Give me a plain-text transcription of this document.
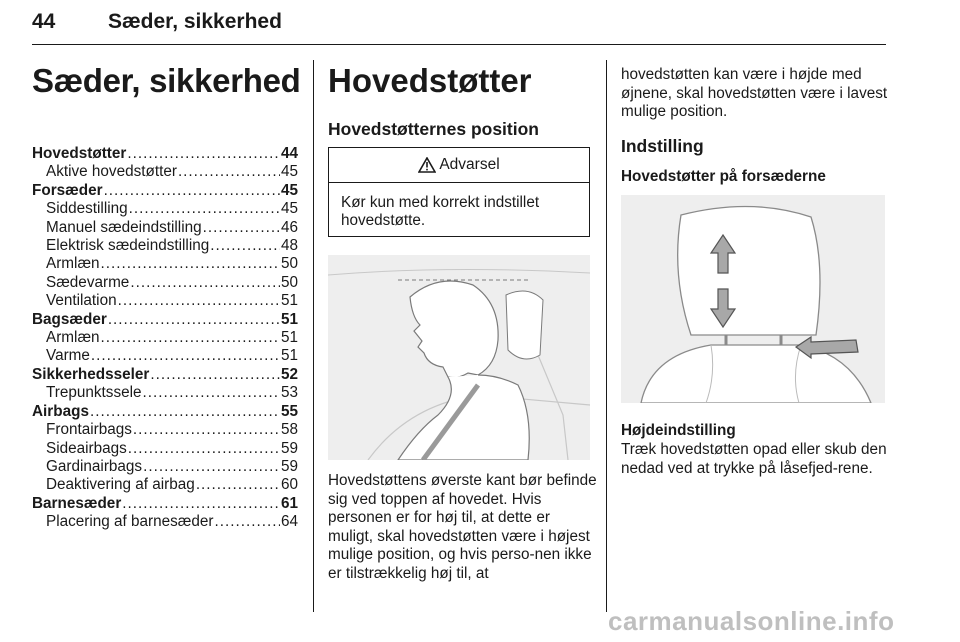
44	Sæder, sikkerhed
Sæder, sikkerhed
Hovedstøtter .....	44
Aktive hovedstøtter .....	45
Forsæder .....	45
Siddestilling .....	45
Manuel sædeindstilling .....	46
Elektrisk sædeindstilling .....	48
Armlæn .....	50
Sædevarme .....	50
Ventilation .....	51
Bagsæder .....	51
Armlæn .....	51
Varme .....	51
Sikkerhedsseler .....	52
Trepunktssele .....	53
Airbags .....	55
Frontairbags .....	58
Sideairbags .....	59
Gardinairbags .....	59
Deaktivering af airbag .....	60
Barnesæder .....	61
Placering af barnesæder .....	64
Hovedstøtter
Hovedstøtternes position
Advarsel
Kør kun med korrekt indstillet hovedstøtte.
Hovedstøttens øverste kant bør befinde sig ved toppen af hovedet. Hvis personen er for høj til, at dette er muligt, skal hovedstøtten være i højest mulige position, og hvis perso-nen ikke er tilstrækkelig høj til, at
hovedstøtten kan være i højde med øjnene, skal hovedstøtten være i lavest mulige position.
Indstilling
Hovedstøtter på forsæderne
Højdeindstilling
Træk hovedstøtten opad eller skub den nedad ved at trykke på låsefjed-rene.
carmanualsonline.info
